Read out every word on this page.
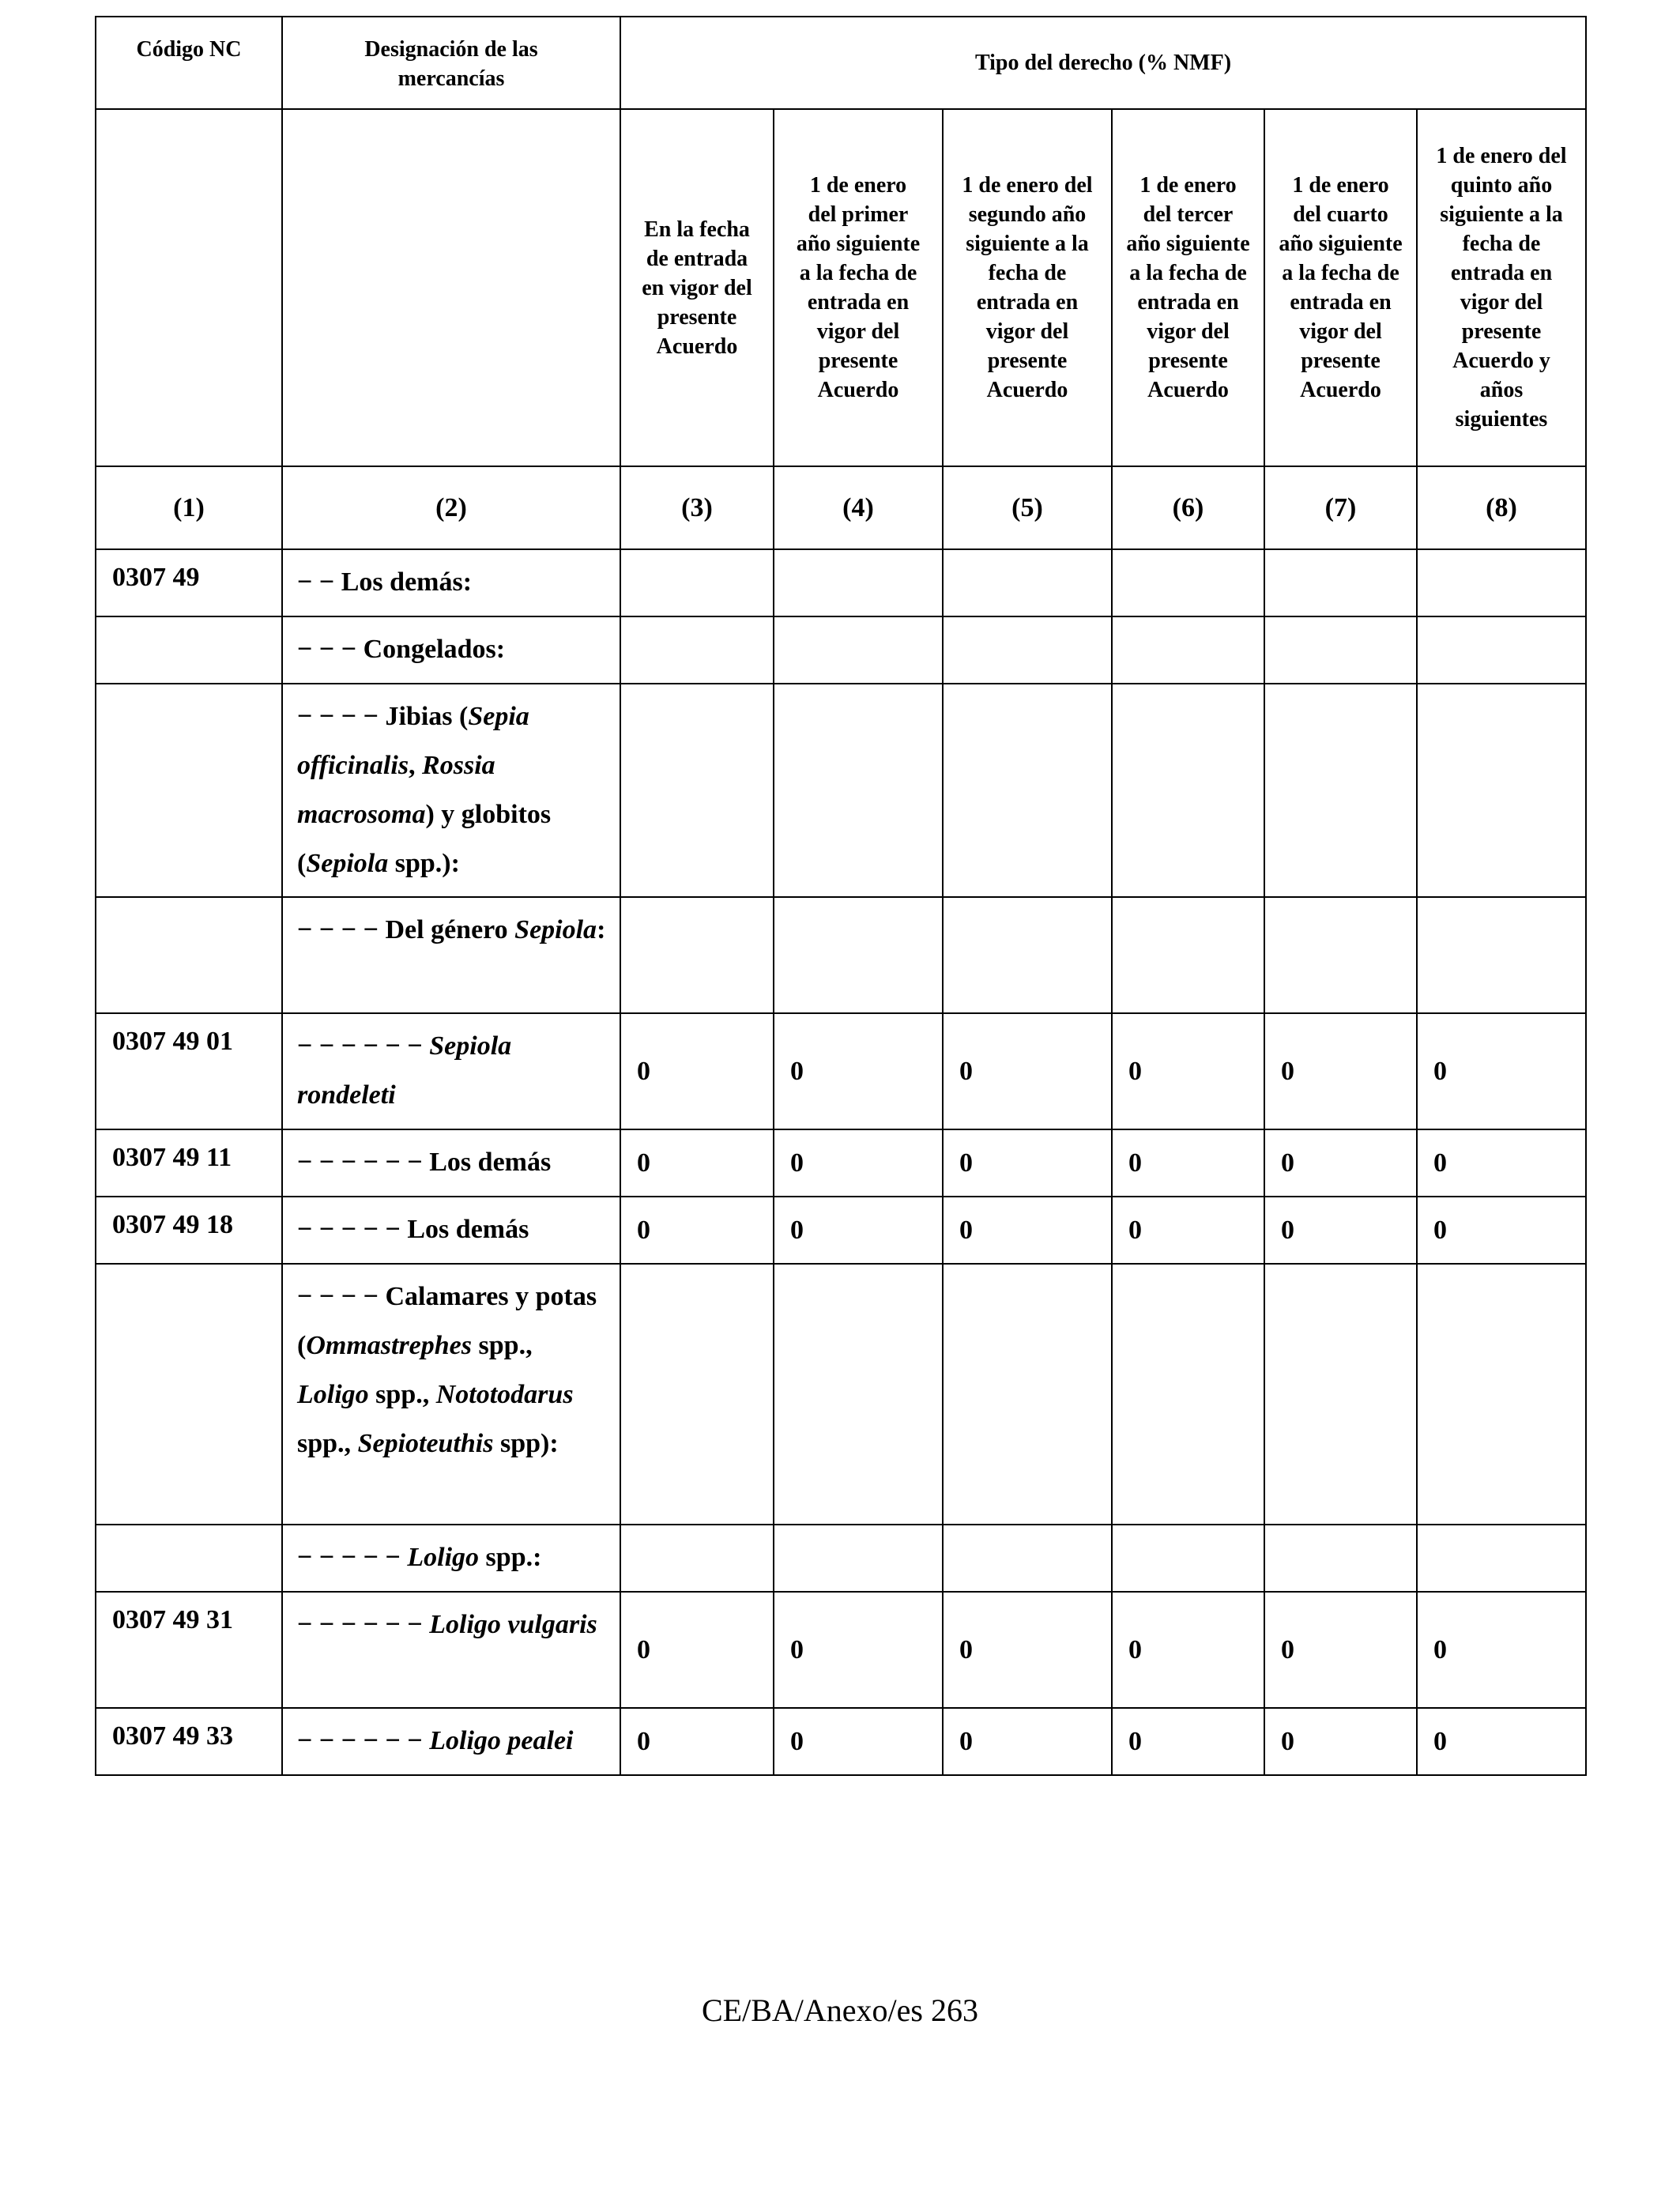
Código NC	Designación de las mercancías	Tipo del derecho (% NMF)					

		En la fecha de entrada en vigor del presente Acuerdo	1 de enero del primer año siguiente a la fecha de entrada en vigor del presente Acuerdo	1 de enero del segundo año siguiente a la fecha de entrada en vigor del presente Acuerdo	1 de enero del tercer año siguiente a la fecha de entrada en vigor del presente Acuerdo	1 de enero del cuarto año siguiente a la fecha de entrada en vigor del presente Acuerdo	1 de enero del quinto año siguiente a la fecha de entrada en vigor del presente Acuerdo y años siguientes

(1)	(2)	(3)	(4)	(5)	(6)	(7)	(8)
0307 49	− − Los demás:						
	− − − Congelados:						
	− − − − Jibias (Sepia officinalis, Rossia macrosoma) y globitos (Sepiola spp.):						
	− − − − Del género Sepiola:						
0307 49 01	− − − − − − Sepiola rondeleti	0	0	0	0	0	0
0307 49 11	− − − − − − Los demás	0	0	0	0	0	0
0307 49 18	− − − − − Los demás	0	0	0	0	0	0
	− − − − Calamares y potas (Ommastrephes spp., Loligo spp., Nototodarus spp., Sepioteuthis spp):						
	− − − − − Loligo spp.:						
0307 49 31	− − − − − − Loligo vulgaris	0	0	0	0	0	0
0307 49 33	− − − − − − Loligo pealei	0	0	0	0	0	0
CE/BA/Anexo/es 263
